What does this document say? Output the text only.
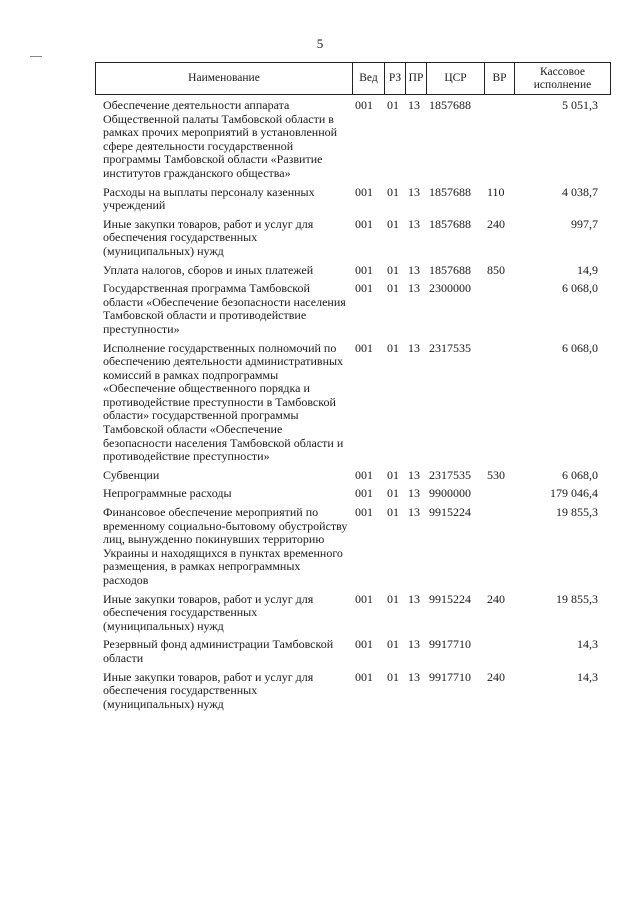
5
Наименование	Вед	РЗ	ПР	ЦСР	ВР	Кассовое исполнение
Обеспечение деятельности аппарата Общественной палаты Тамбовской области в рамках прочих мероприятий в установленной сфере деятельности государственной программы Тамбовской области «Развитие институтов гражданского общества»	001	01	13	1857688		5 051,3
Расходы на выплаты персоналу казенных учреждений	001	01	13	1857688	110	4 038,7
Иные закупки товаров, работ и услуг для обеспечения государственных (муниципальных) нужд	001	01	13	1857688	240	997,7
Уплата налогов, сборов и иных платежей	001	01	13	1857688	850	14,9
Государственная программа Тамбовской области «Обеспечение безопасности населения Тамбовской области и противодействие преступности»	001	01	13	2300000		6 068,0
Исполнение государственных полномочий по обеспечению деятельности административных комиссий в рамках подпрограммы «Обеспечение общественного порядка и противодействие преступности в Тамбовской области» государственной программы Тамбовской области «Обеспечение безопасности населения Тамбовской области и противодействие преступности»	001	01	13	2317535		6 068,0
Субвенции	001	01	13	2317535	530	6 068,0
Непрограммные расходы	001	01	13	9900000		179 046,4
Финансовое обеспечение мероприятий по временному социально-бытовому обустройству лиц, вынужденно покинувших территорию Украины и находящихся в пунктах временного размещения, в рамках непрограммных расходов	001	01	13	9915224		19 855,3
Иные закупки товаров, работ и услуг для обеспечения государственных (муниципальных) нужд	001	01	13	9915224	240	19 855,3
Резервный фонд администрации Тамбовской области	001	01	13	9917710		14,3
Иные закупки товаров, работ и услуг для обеспечения государственных (муниципальных) нужд	001	01	13	9917710	240	14,3
